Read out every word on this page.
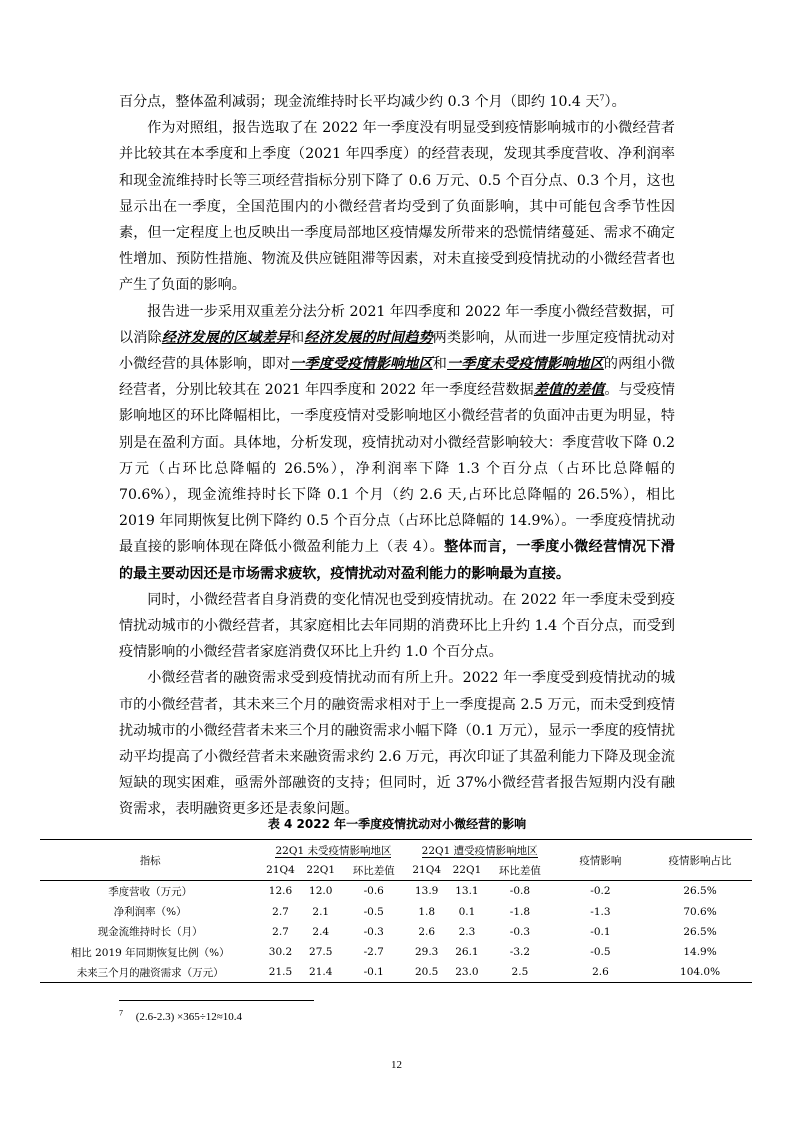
百分点，整体盈利减弱；现金流维持时长平均减少约 0.3 个月（即约 10.4 天$^7$）。

作为对照组，报告选取了在 2022 年一季度没有明显受到疫情影响城市的小微经营者并比较其在本季度和上季度（2021 年四季度）的经营表现，发现其季度营收、净利润率和现金流维持时长等三项经营指标分别下降了 0.6 万元、0.5 个百分点、0.3 个月，这也显示出在一季度，全国范围内的小微经营者均受到了负面影响，其中可能包含季节性因素，但一定程度上也反映出一季度局部地区疫情爆发所带来的恐慌情绪蔓延、需求不确定性增加、预防性措施、物流及供应链阻滞等因素，对未直接受到疫情扰动的小微经营者也产生了负面的影响。

报告进一步采用双重差分法分析 2021 年四季度和 2022 年一季度小微经营数据，可以消除经济发展的区域差异和经济发展的时间趋势两类影响，从而进一步厘定疫情扰动对小微经营的具体影响，即对一季度受疫情影响地区和一季度未受疫情影响地区的两组小微经营者，分别比较其在 2021 年四季度和 2022 年一季度经营数据差值的差值。与受疫情影响地区的环比降幅相比，一季度疫情对受影响地区小微经营者的负面冲击更为明显，特别是在盈利方面。具体地，分析发现，疫情扰动对小微经营影响较大：季度营收下降 0.2 万元（占环比总降幅的 26.5%），净利润率下降 1.3 个百分点（占环比总降幅的 70.6%），现金流维持时长下降 0.1 个月（约 2.6 天,占环比总降幅的 26.5%），相比 2019 年同期恢复比例下降约 0.5 个百分点（占环比总降幅的 14.9%）。一季度疫情扰动最直接的影响体现在降低小微盈利能力上（表 4）。整体而言，一季度小微经营情况下滑的最主要动因还是市场需求疲软，疫情扰动对盈利能力的影响最为直接。

同时，小微经营者自身消费的变化情况也受到疫情扰动。在 2022 年一季度未受到疫情扰动城市的小微经营者，其家庭相比去年同期的消费环比上升约 1.4 个百分点，而受到疫情影响的小微经营者家庭消费仅环比上升约 1.0 个百分点。

小微经营者的融资需求受到疫情扰动而有所上升。2022 年一季度受到疫情扰动的城市的小微经营者，其未来三个月的融资需求相对于上一季度提高 2.5 万元，而未受到疫情扰动城市的小微经营者未来三个月的融资需求小幅下降（0.1 万元），显示一季度的疫情扰动平均提高了小微经营者未来融资需求约 2.6 万元，再次印证了其盈利能力下降及现金流短缺的现实困难，亟需外部融资的支持；但同时，近 37%小微经营者报告短期内没有融资需求，表明融资更多还是表象问题。

表 4 2022 年一季度疫情扰动对小微经营的影响
指标	22Q1 未受疫情影响地区			22Q1 遭受疫情影响地区			疫情影响	疫情影响占比
	21Q4	22Q1	环比差值	21Q4	22Q1	环比差值		
季度营收（万元）	12.6	12.0	-0.6	13.9	13.1	-0.8	-0.2	26.5%
净利润率（%）	2.7	2.1	-0.5	1.8	0.1	-1.8	-1.3	70.6%
现金流维持时长（月）	2.7	2.4	-0.3	2.6	2.3	-0.3	-0.1	26.5%
相比 2019 年同期恢复比例（%）	30.2	27.5	-2.7	29.3	26.1	-3.2	-0.5	14.9%
未来三个月的融资需求（万元）	21.5	21.4	-0.1	20.5	23.0	2.5	2.6	104.0%
$^7$ (2.6-2.3) ×365÷12≈10.4
12
